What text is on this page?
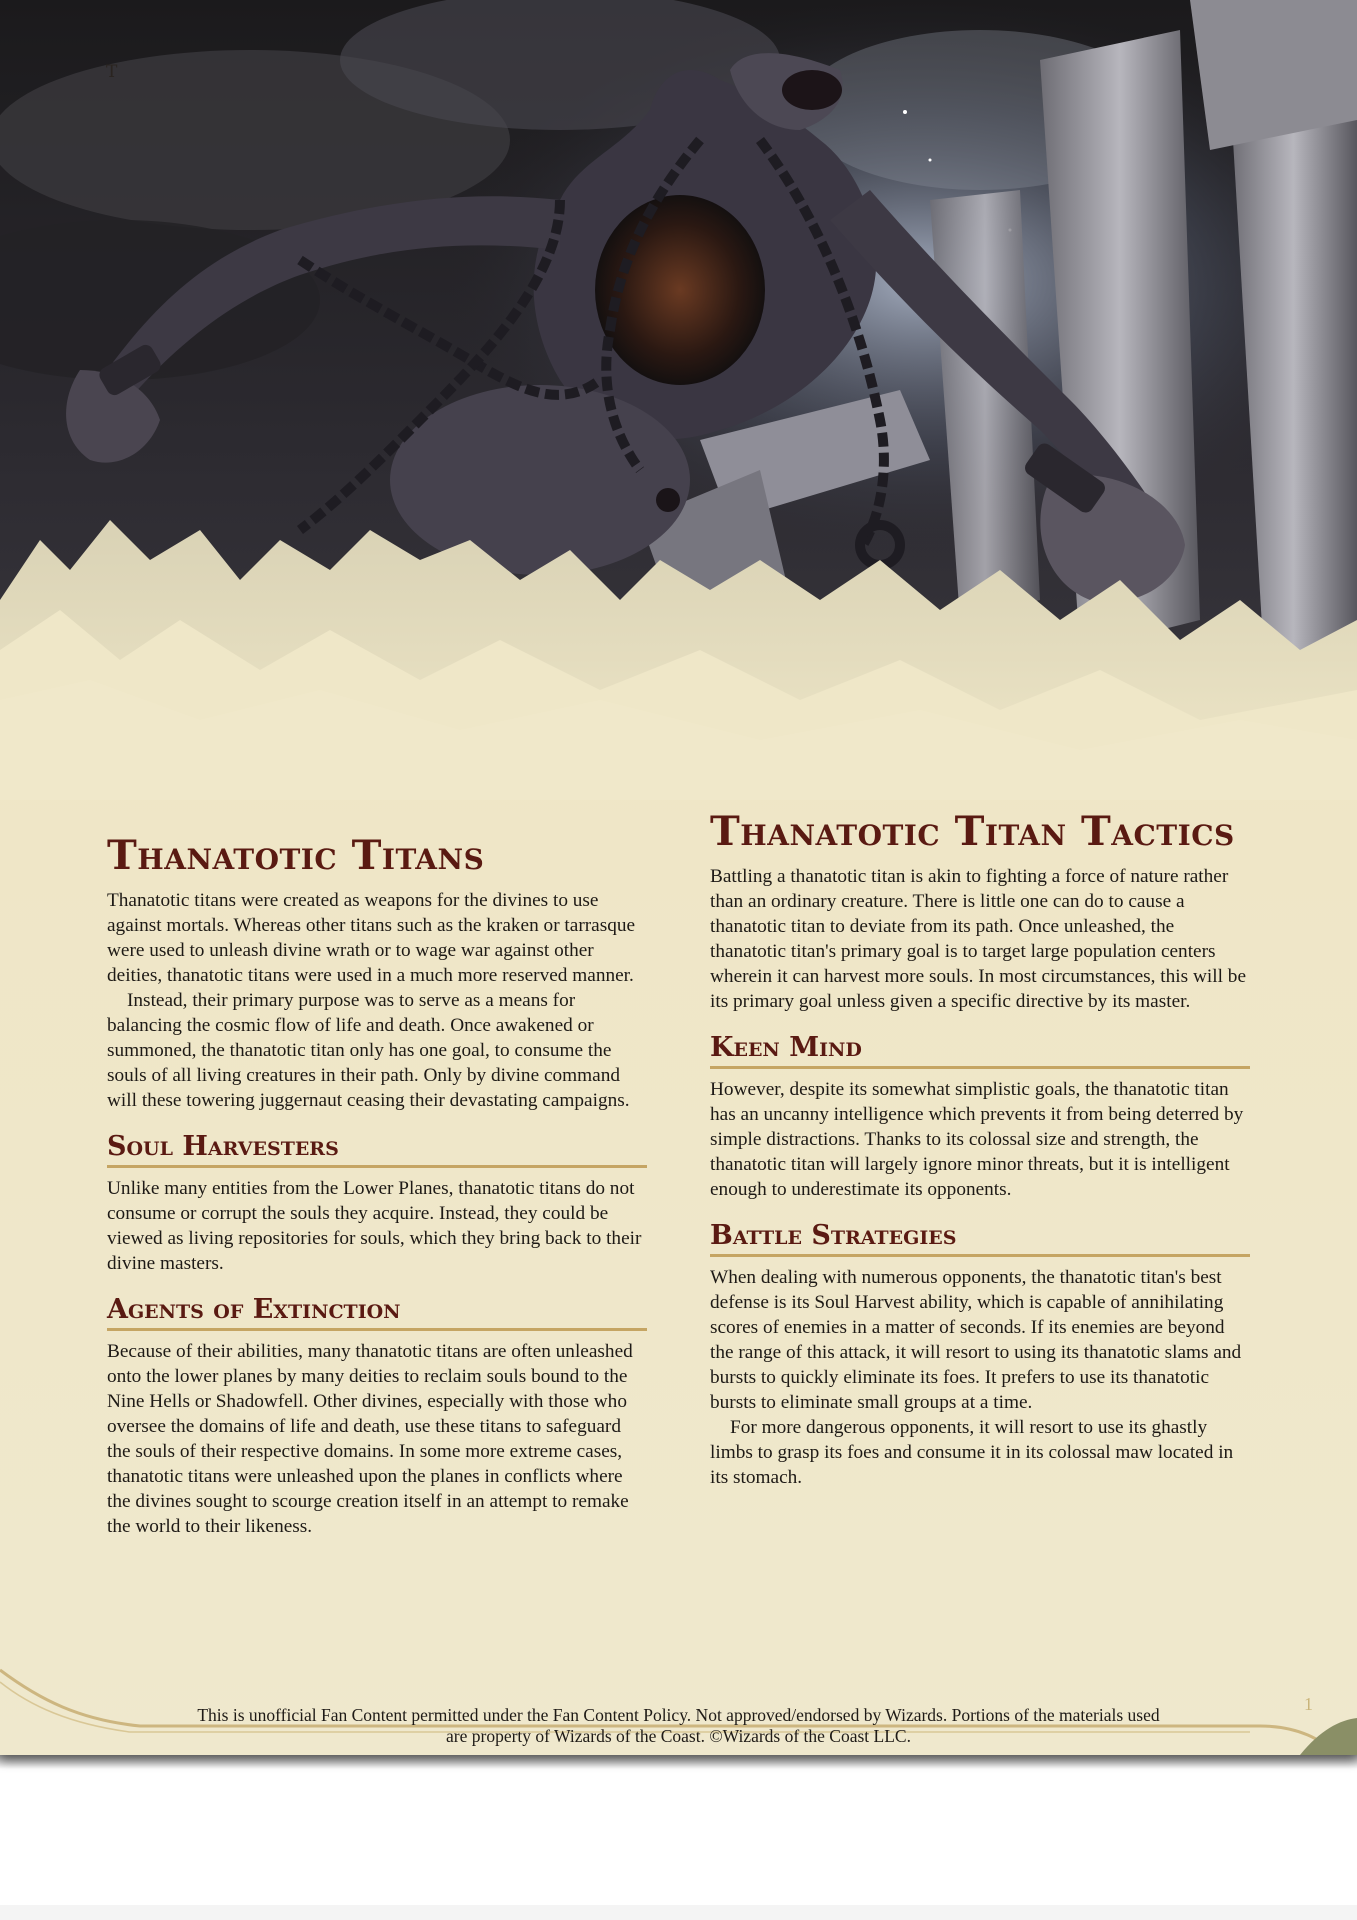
T
Thanatotic Titans

Thanatotic titans were created as weapons for the divines to use against mortals. Whereas other titans such as the kraken or tarrasque were used to unleash divine wrath or to wage war against other deities, thanatotic titans were used in a much more reserved manner.

Instead, their primary purpose was to serve as a means for balancing the cosmic flow of life and death. Once awakened or summoned, the thanatotic titan only has one goal, to consume the souls of all living creatures in their path. Only by divine command will these towering juggernaut ceasing their devastating campaigns.

Soul Harvesters

Unlike many entities from the Lower Planes, thanatotic titans do not consume or corrupt the souls they acquire. Instead, they could be viewed as living repositories for souls, which they bring back to their divine masters.

Agents of Extinction

Because of their abilities, many thanatotic titans are often unleashed onto the lower planes by many deities to reclaim souls bound to the Nine Hells or Shadowfell. Other divines, especially with those who oversee the domains of life and death, use these titans to safeguard the souls of their respective domains. In some more extreme cases, thanatotic titans were unleashed upon the planes in conflicts where the divines sought to scourge creation itself in an attempt to remake the world to their likeness.

Thanatotic Titan Tactics

Battling a thanatotic titan is akin to fighting a force of nature rather than an ordinary creature. There is little one can do to cause a thanatotic titan to deviate from its path. Once unleashed, the thanatotic titan's primary goal is to target large population centers wherein it can harvest more souls. In most circumstances, this will be its primary goal unless given a specific directive by its master.

Keen Mind

However, despite its somewhat simplistic goals, the thanatotic titan has an uncanny intelligence which prevents it from being deterred by simple distractions. Thanks to its colossal size and strength, the thanatotic titan will largely ignore minor threats, but it is intelligent enough to underestimate its opponents.

Battle Strategies

When dealing with numerous opponents, the thanatotic titan's best defense is its Soul Harvest ability, which is capable of annihilating scores of enemies in a matter of seconds. If its enemies are beyond the range of this attack, it will resort to using its thanatotic slams and bursts to quickly eliminate its foes. It prefers to use its thanatotic bursts to eliminate small groups at a time.

For more dangerous opponents, it will resort to use its ghastly limbs to grasp its foes and consume it in its colossal maw located in its stomach.

1
This is unofficial Fan Content permitted under the Fan Content Policy. Not approved/endorsed by Wizards. Portions of the materials used
are property of Wizards of the Coast. ©Wizards of the Coast LLC.
